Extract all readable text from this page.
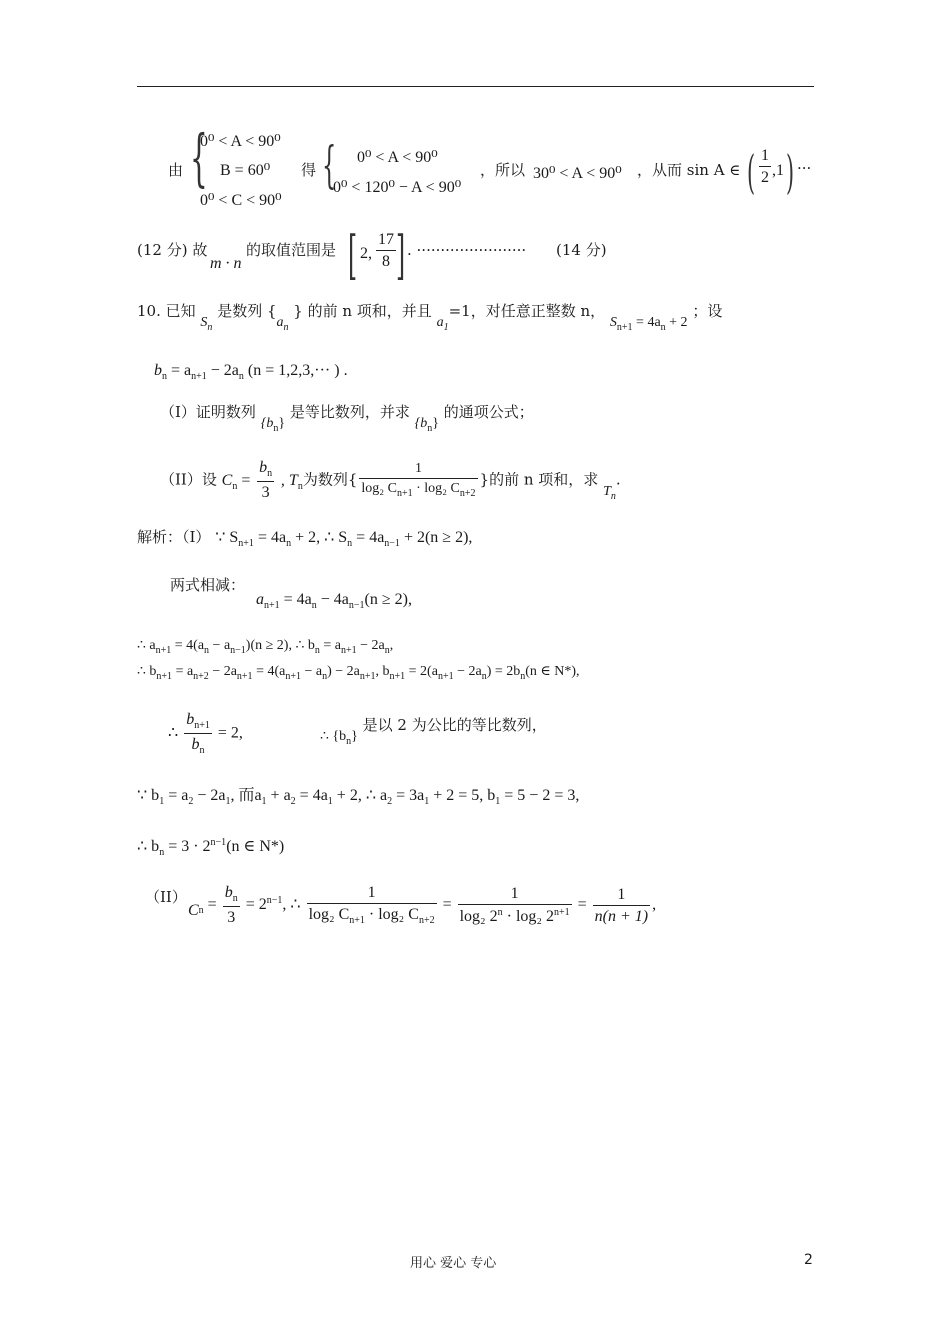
由 {
0⁰ < A < 90⁰
B = 60⁰
0⁰ < C < 90⁰
得 { 0⁰ < A < 90⁰
0⁰ < 120⁰ − A < 90⁰
，所以 30⁰ < A < 90⁰ ，从而 sin A ∈ ( $\frac{1}{2} ,1$ ) ···
(12 分) 故
m · n
的取值范围是 [ 2, $\frac{17}{8}$ ] . ······················· (14 分)
10. 已知 $S_n$ 是数列 {$a_n$ } 的前 n 项和，并且 $a_1=1$，对任意正整数 n， $S_{n+1} = 4a_n + 2$ ；设
$b_n = a_{n+1} - 2a_n$ (n = 1,2,3,··· ) .
（I）证明数列 $\{b_n\}$ 是等比数列，并求 $\{b_n\}$ 的通项公式；
（II）设 $C_n = \frac{b_n}{3}$ , $T_n$为数列{ $\frac{1}{\log_2 C_{n+1} \cdot \log_2 C_{n+2}}$ }的前 n 项和，求 $T_n$.
解析：（I） ∵ $S_{n+1} = 4a_n + 2$, ∴ $S_n = 4a_{n-1} + 2(n \ge 2)$,
两式相减：
$a_{n+1} = 4a_n - 4a_{n-1}(n \ge 2)$,
∴ $a_{n+1} = 4(a_n - a_{n-1})(n \ge 2)$, ∴ $b_n = a_{n+1} - 2a_n$,
∴ $b_{n+1} = a_{n+2} - 2a_{n+1} = 4(a_{n+1} - a_n) - 2a_{n+1}$, $b_{n+1} = 2(a_{n+1} - 2a_n) = 2b_n(n$ ∈ N*),
∴ $\frac{b_{n+1}}{b_n} = 2$,	∴ $\{b_n\}$ 是以 2 为公比的等比数列，
∵ $b_1 = a_2 - 2a_1$, 而$a_1 + a_2 = 4a_1 + 2$, ∴ $a_2 = 3a_1 + 2 = 5$, $b_1 = 5 - 2 = 3$,
∴ $b_n = 3 \cdot 2^{n-1}(n$ ∈ N*)
（II）
$C_n = \frac{b_n}{3} = 2^{n-1}$, ∴ $\frac{1}{\log_2 C_{n+1} \cdot \log_2 C_{n+2}} = \frac{1}{\log_2 2^n \cdot \log_2 2^{n+1}} = \frac{1}{n(n + 1)}$ ,
用心 爱心 专心	2
